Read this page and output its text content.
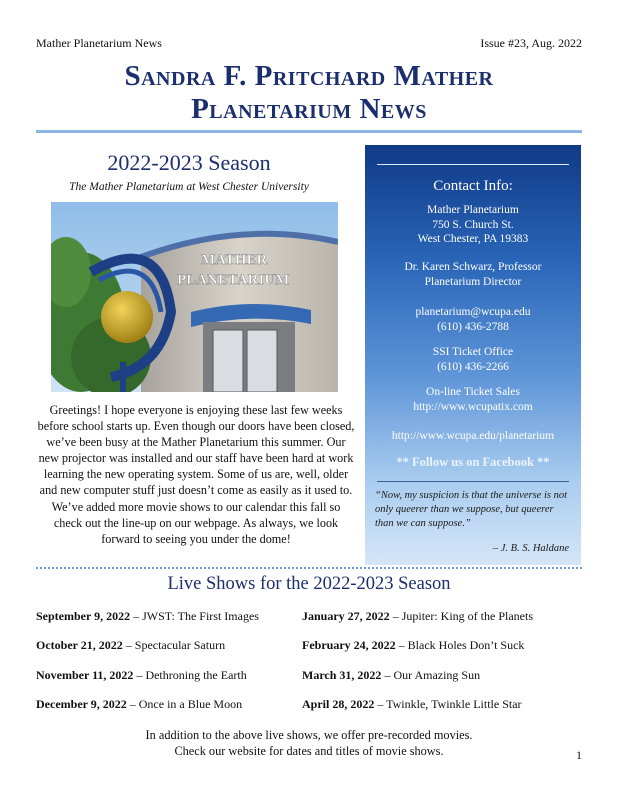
Mather Planetarium News	Issue #23, Aug. 2022
Sandra F. Pritchard Mather
Planetarium News
2022-2023 Season
The Mather Planetarium at West Chester University
MATHER
PLANETARIUM
Greetings! I hope everyone is enjoying these last few weeks before school starts up. Even though our doors have been closed, we’ve been busy at the Mather Planetarium this summer. Our new projector was installed and our staff have been hard at work learning the new operating system. Some of us are, well, older and new computer stuff just doesn’t come as easily as it used to. We’ve added more movie shows to our calendar this fall so check out the line-up on our webpage. As always, we look forward to seeing you under the dome!
Contact Info:
Mather Planetarium
750 S. Church St.
West Chester, PA 19383
Dr. Karen Schwarz, Professor
Planetarium Director
planetarium@wcupa.edu
(610) 436-2788
SSI Ticket Office
(610) 436-2266
On-line Ticket Sales
http://www.wcupatix.com
http://www.wcupa.edu/planetarium
** Follow us on Facebook **
“Now, my suspicion is that the universe is not only queerer than we suppose, but queerer than we can suppose.”
– J. B. S. Haldane
Live Shows for the 2022-2023 Season
September 9, 2022 – JWST: The First Images
October 21, 2022 – Spectacular Saturn
November 11, 2022 – Dethroning the Earth
December 9, 2022 – Once in a Blue Moon
January 27, 2022 – Jupiter: King of the Planets
February 24, 2022 – Black Holes Don’t Suck
March 31, 2022 – Our Amazing Sun
April 28, 2022 – Twinkle, Twinkle Little Star
In addition to the above live shows, we offer pre-recorded movies.
Check our website for dates and titles of movie shows.	1
